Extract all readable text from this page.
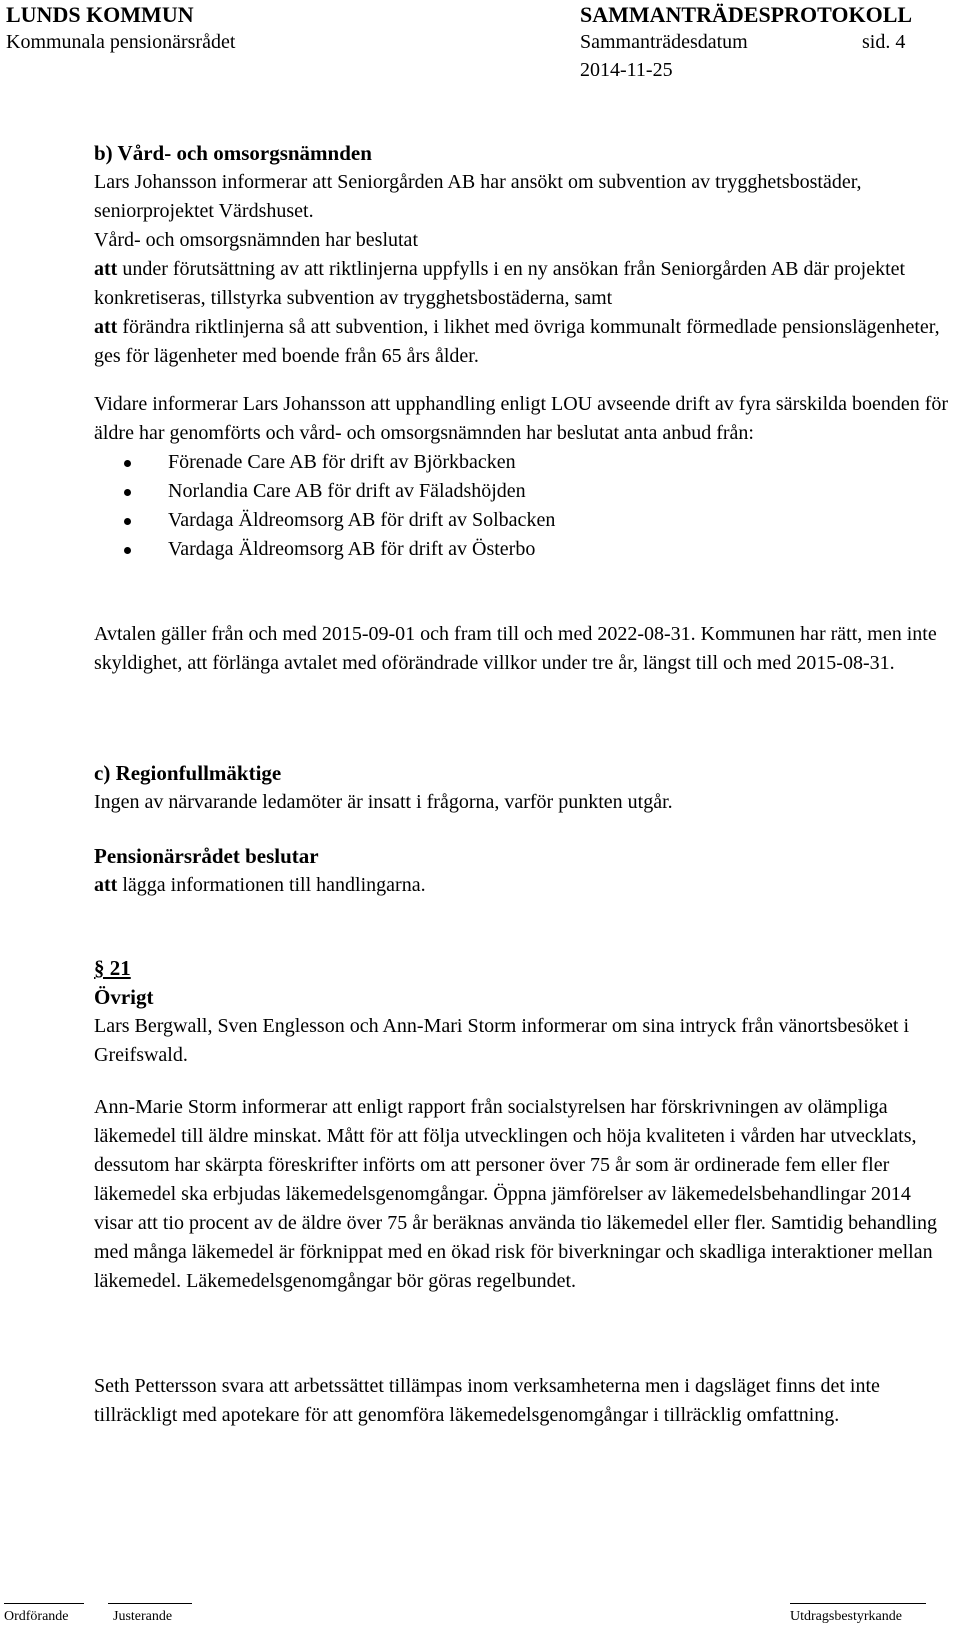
LUNDS KOMMUN	SAMMANTRÄDESPROTOKOLL
Kommunala pensionärsrådet	Sammanträdesdatum	sid. 4
2014-11-25

b) Vård- och omsorgsnämnden

Lars Johansson informerar att Seniorgården AB har ansökt om subvention av trygghetsbostäder, seniorprojektet Värdshuset.

Vård- och omsorgsnämnden har beslutat

att under förutsättning av att riktlinjerna uppfylls i en ny ansökan från Seniorgården AB där projektet konkretiseras, tillstyrka subvention av trygghetsbostäderna, samt

att förändra riktlinjerna så att subvention, i likhet med övriga kommunalt förmedlade pensionslägenheter, ges för lägenheter med boende från 65 års ålder.

Vidare informerar Lars Johansson att upphandling enligt LOU avseende drift av fyra särskilda boenden för äldre har genomförts och vård- och omsorgsnämnden har beslutat anta anbud från:

Förenade Care AB för drift av Björkbacken
Norlandia Care AB för drift av Fäladshöjden
Vardaga Äldreomsorg AB för drift av Solbacken
Vardaga Äldreomsorg AB för drift av Österbo

Avtalen gäller från och med 2015-09-01 och fram till och med 2022-08-31. Kommunen har rätt, men inte skyldighet, att förlänga avtalet med oförändrade villkor under tre år, längst till och med 2015-08-31.

c) Regionfullmäktige

Ingen av närvarande ledamöter är insatt i frågorna, varför punkten utgår.

Pensionärsrådet beslutar

att lägga informationen till handlingarna.

§ 21

Övrigt

Lars Bergwall, Sven Englesson och Ann-Mari Storm informerar om sina intryck från vänortsbesöket i Greifswald.

Ann-Marie Storm informerar att enligt rapport från socialstyrelsen har förskrivningen av olämpliga läkemedel till äldre minskat. Mått för att följa utvecklingen och höja kvaliteten i vården har utvecklats, dessutom har skärpta föreskrifter införts om att personer över 75 år som är ordinerade fem eller fler läkemedel ska erbjudas läkemedelsgenomgångar. Öppna jämförelser av läkemedelsbehandlingar 2014 visar att tio procent av de äldre över 75 år beräknas använda tio läkemedel eller fler. Samtidig behandling med många läkemedel är förknippat med en ökad risk för biverkningar och skadliga interaktioner mellan läkemedel. Läkemedelsgenomgångar bör göras regelbundet.

Seth Pettersson svara att arbetssättet tillämpas inom verksamheterna men i dagsläget finns det inte tillräckligt med apotekare för att genomföra läkemedelsgenomgångar i tillräcklig omfattning.

Ordförande	Justerande	Utdragsbestyrkande
